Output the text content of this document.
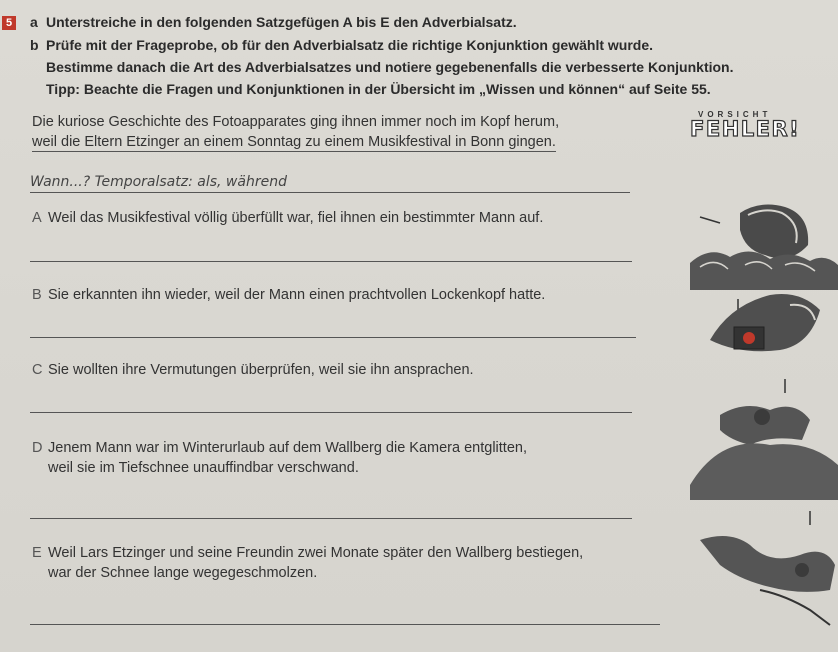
5 a Unterstreiche in den folgenden Satzgefügen A bis E den Adverbialsatz.
b Prüfe mit der Frageprobe, ob für den Adverbialsatz die richtige Konjunktion gewählt wurde.
Bestimme danach die Art des Adverbialsatzes und notiere gegebenenfalls die verbesserte Konjunktion.
Tipp: Beachte die Fragen und Konjunktionen in der Übersicht im „Wissen und können“ auf Seite 55.
Die kuriose Geschichte des Fotoapparates ging ihnen immer noch im Kopf herum,
weil die Eltern Etzinger an einem Sonntag zu einem Musikfestival in Bonn gingen.
VORSICHT
FEHLER!
Wann...? Temporalsatz: als, während
A Weil das Musikfestival völlig überfüllt war, fiel ihnen ein bestimmter Mann auf.
B Sie erkannten ihn wieder, weil der Mann einen prachtvollen Lockenkopf hatte.
C Sie wollten ihre Vermutungen überprüfen, weil sie ihn ansprachen.
D Jenem Mann war im Winterurlaub auf dem Wallberg die Kamera entglitten,
weil sie im Tiefschnee unauffindbar verschwand.
E Weil Lars Etzinger und seine Freundin zwei Monate später den Wallberg bestiegen,
war der Schnee lange wegegeschmolzen.
